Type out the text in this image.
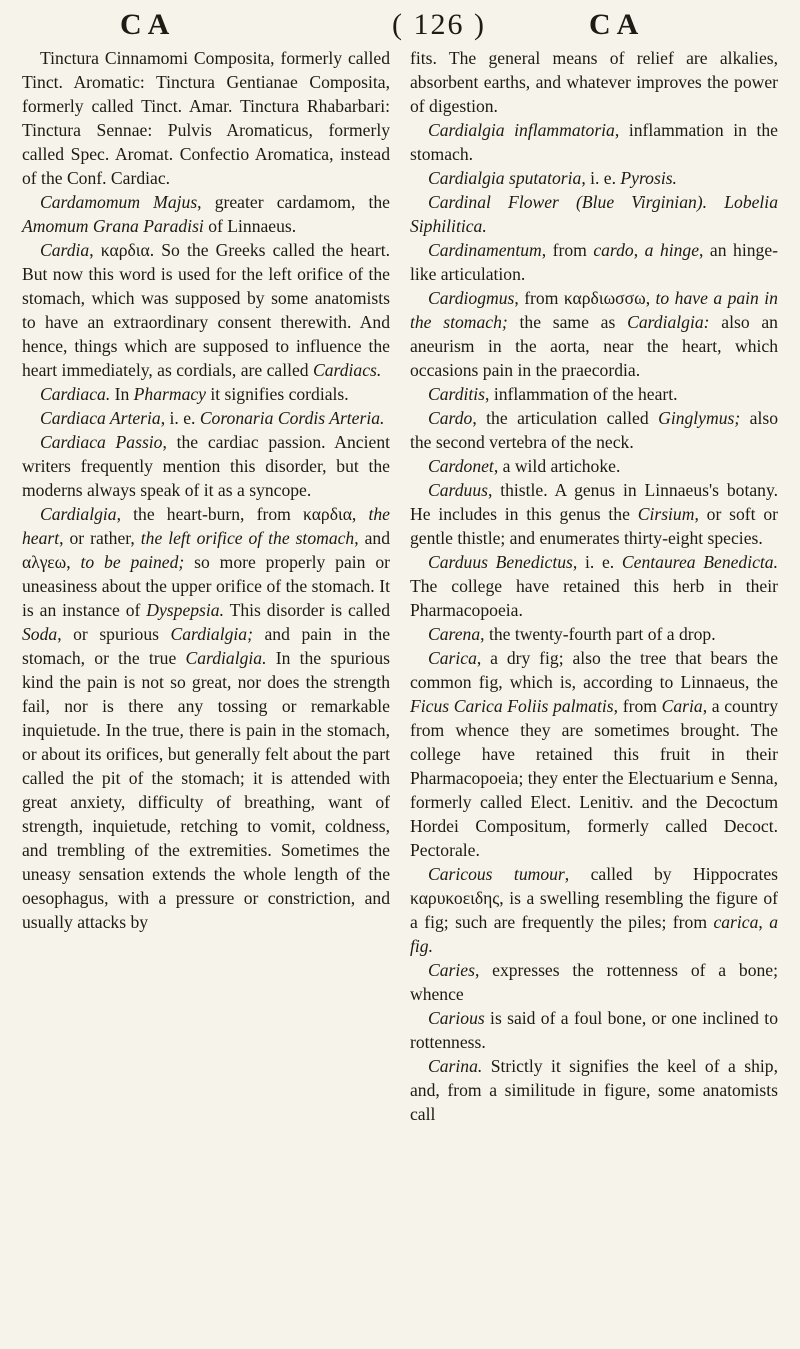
CA	( 126 )	CA

Tinctura Cinnamomi Composita, formerly called Tinct. Aromatic: Tinctura Gentianae Composita, formerly called Tinct. Amar. Tinctura Rhabarbari: Tinctura Sennae: Pulvis Aromaticus, formerly called Spec. Aromat. Confectio Aromatica, instead of the Conf. Cardiac.

Cardamomum Majus, greater cardamom, the Amomum Grana Paradisi of Linnaeus.

Cardia, καρδια. So the Greeks called the heart. But now this word is used for the left orifice of the stomach, which was supposed by some anatomists to have an extraordinary consent therewith. And hence, things which are supposed to influence the heart immediately, as cordials, are called Cardiacs.

Cardiaca. In Pharmacy it signifies cordials.

Cardiaca Arteria, i. e. Coronaria Cordis Arteria.

Cardiaca Passio, the cardiac passion. Ancient writers frequently mention this disorder, but the moderns always speak of it as a syncope.

Cardialgia, the heart-burn, from καρδια, the heart, or rather, the left orifice of the stomach, and αλγεω, to be pained; so more properly pain or uneasiness about the upper orifice of the stomach. It is an instance of Dyspepsia. This disorder is called Soda, or spurious Cardialgia; and pain in the stomach, or the true Cardialgia. In the spurious kind the pain is not so great, nor does the strength fail, nor is there any tossing or remarkable inquietude. In the true, there is pain in the stomach, or about its orifices, but generally felt about the part called the pit of the stomach; it is attended with great anxiety, difficulty of breathing, want of strength, inquietude, retching to vomit, coldness, and trembling of the extremities. Sometimes the uneasy sensation extends the whole length of the oesophagus, with a pressure or constriction, and usually attacks by

fits. The general means of relief are alkalies, absorbent earths, and whatever improves the power of digestion.

Cardialgia inflammatoria, inflammation in the stomach.

Cardialgia sputatoria, i. e. Pyrosis.

Cardinal Flower (Blue Virginian). Lobelia Siphilitica.

Cardinamentum, from cardo, a hinge, an hinge-like articulation.

Cardiogmus, from καρδιωσσω, to have a pain in the stomach; the same as Cardialgia: also an aneurism in the aorta, near the heart, which occasions pain in the praecordia.

Carditis, inflammation of the heart.

Cardo, the articulation called Ginglymus; also the second vertebra of the neck.

Cardonet, a wild artichoke.

Carduus, thistle. A genus in Linnaeus's botany. He includes in this genus the Cirsium, or soft or gentle thistle; and enumerates thirty-eight species.

Carduus Benedictus, i. e. Centaurea Benedicta. The college have retained this herb in their Pharmacopoeia.

Carena, the twenty-fourth part of a drop.

Carica, a dry fig; also the tree that bears the common fig, which is, according to Linnaeus, the Ficus Carica Foliis palmatis, from Caria, a country from whence they are sometimes brought. The college have retained this fruit in their Pharmacopoeia; they enter the Electuarium e Senna, formerly called Elect. Lenitiv. and the Decoctum Hordei Compositum, formerly called Decoct. Pectorale.

Caricous tumour, called by Hippocrates καρυκοειδης, is a swelling resembling the figure of a fig; such are frequently the piles; from carica, a fig.

Caries, expresses the rottenness of a bone; whence

Carious is said of a foul bone, or one inclined to rottenness.

Carina. Strictly it signifies the keel of a ship, and, from a similitude in figure, some anatomists call
